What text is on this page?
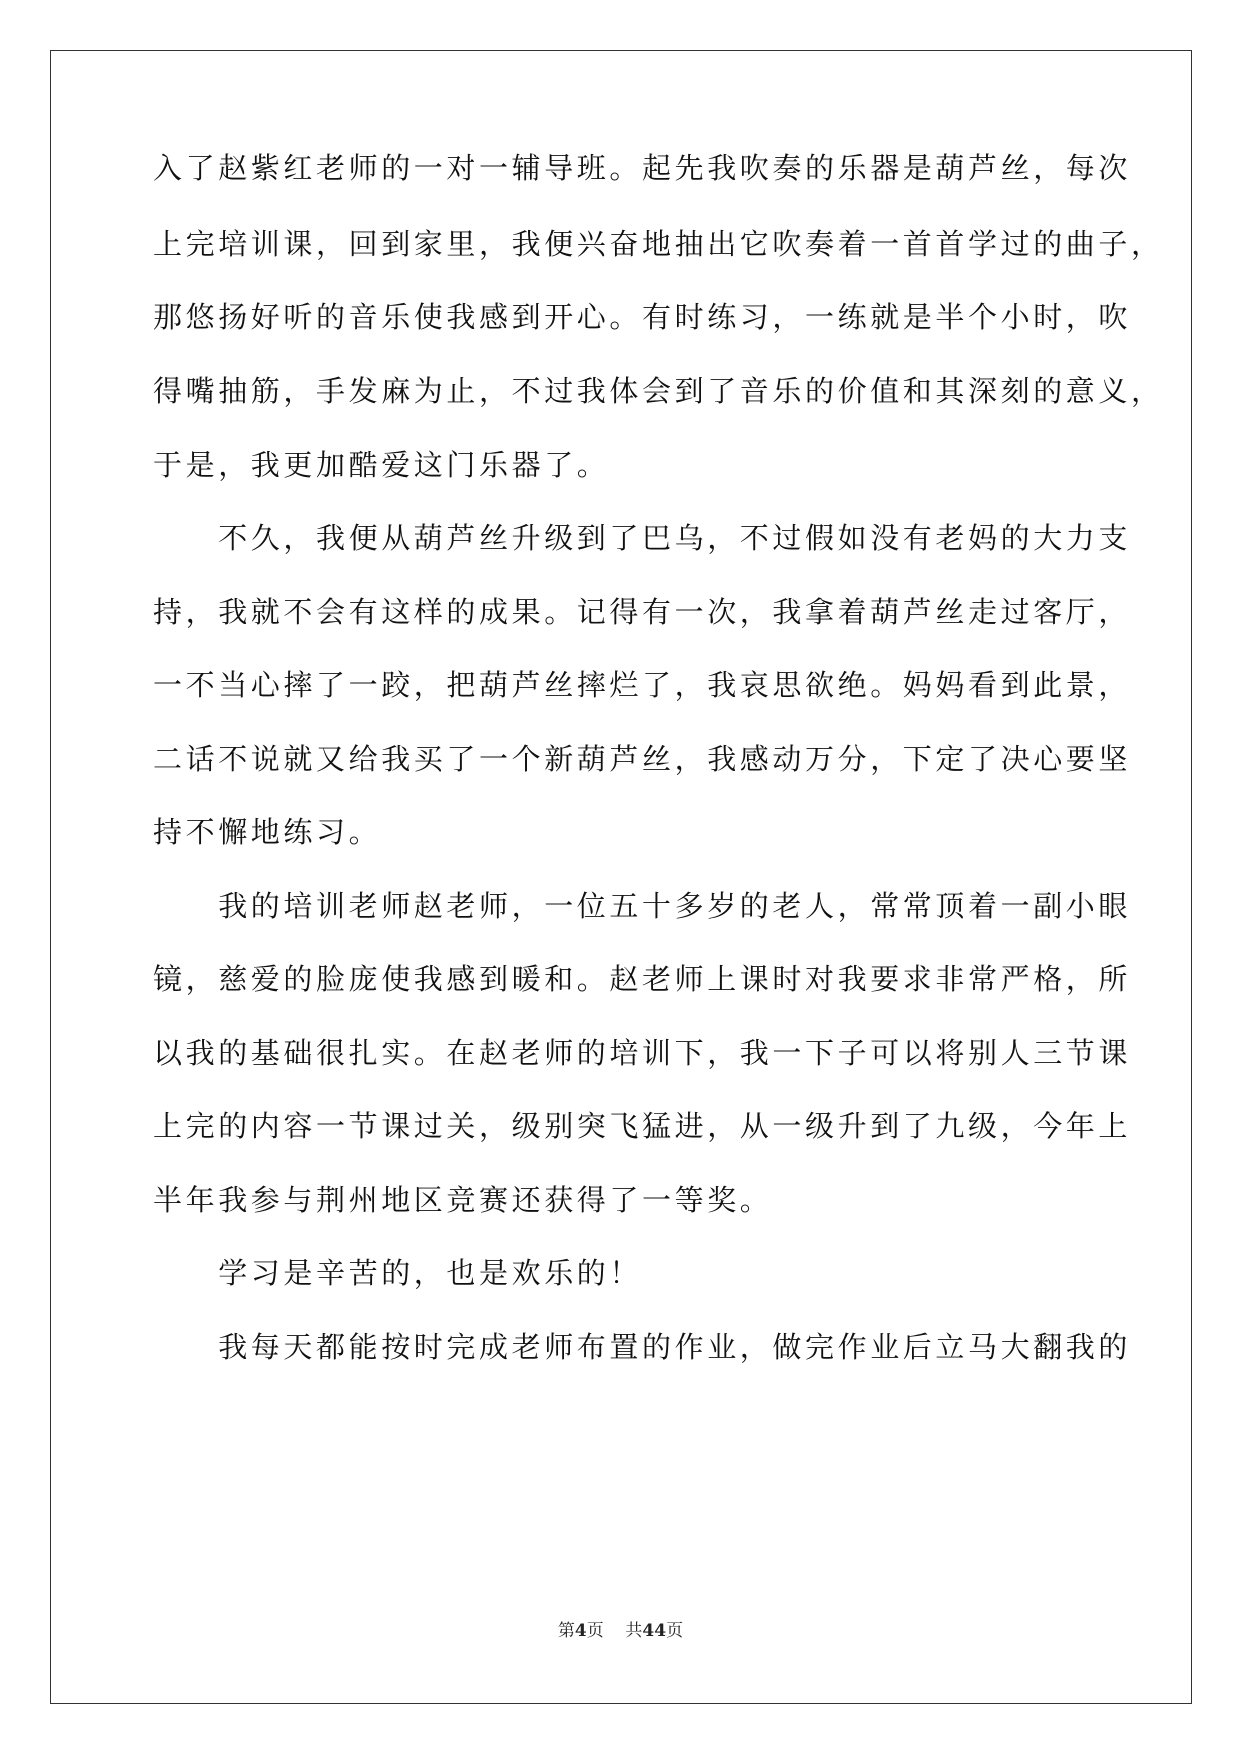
入了赵紫红老师的一对一辅导班。起先我吹奏的乐器是葫芦丝，每次
上完培训课，回到家里，我便兴奋地抽出它吹奏着一首首学过的曲子，
那悠扬好听的音乐使我感到开心。有时练习，一练就是半个小时，吹
得嘴抽筋，手发麻为止，不过我体会到了音乐的价值和其深刻的意义，
于是，我更加酷爱这门乐器了。
　　不久，我便从葫芦丝升级到了巴乌，不过假如没有老妈的大力支
持，我就不会有这样的成果。记得有一次，我拿着葫芦丝走过客厅，
一不当心摔了一跤，把葫芦丝摔烂了，我哀思欲绝。妈妈看到此景，
二话不说就又给我买了一个新葫芦丝，我感动万分，下定了决心要坚
持不懈地练习。
　　我的培训老师赵老师，一位五十多岁的老人，常常顶着一副小眼
镜，慈爱的脸庞使我感到暖和。赵老师上课时对我要求非常严格，所
以我的基础很扎实。在赵老师的培训下，我一下子可以将别人三节课
上完的内容一节课过关，级别突飞猛进，从一级升到了九级，今年上
半年我参与荆州地区竞赛还获得了一等奖。
　　学习是辛苦的，也是欢乐的！
　　我每天都能按时完成老师布置的作业，做完作业后立马大翻我的
第4页 共44页
